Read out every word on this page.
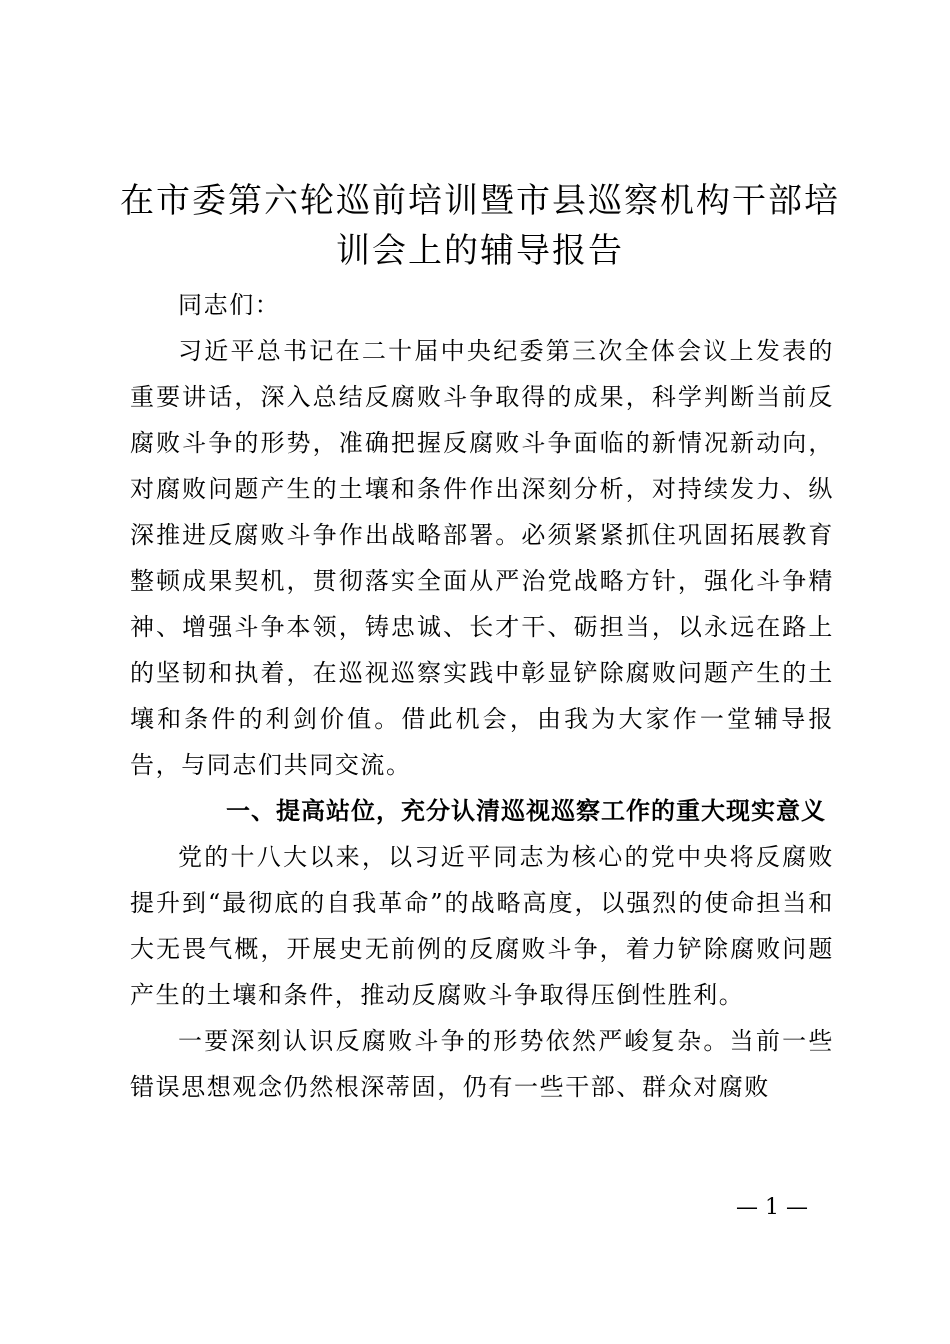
在市委第六轮巡前培训暨市县巡察机构干部培训会上的辅导报告

同志们：

习近平总书记在二十届中央纪委第三次全体会议上发表的重要讲话，深入总结反腐败斗争取得的成果，科学判断当前反腐败斗争的形势，准确把握反腐败斗争面临的新情况新动向，对腐败问题产生的土壤和条件作出深刻分析，对持续发力、纵深推进反腐败斗争作出战略部署。必须紧紧抓住巩固拓展教育整顿成果契机，贯彻落实全面从严治党战略方针，强化斗争精神、增强斗争本领，铸忠诚、长才干、砺担当，以永远在路上的坚韧和执着，在巡视巡察实践中彰显铲除腐败问题产生的土壤和条件的利剑价值。借此机会，由我为大家作一堂辅导报告，与同志们共同交流。

一、提高站位，充分认清巡视巡察工作的重大现实意义

党的十八大以来，以习近平同志为核心的党中央将反腐败提升到“最彻底的自我革命”的战略高度，以强烈的使命担当和大无畏气概，开展史无前例的反腐败斗争，着力铲除腐败问题产生的土壤和条件，推动反腐败斗争取得压倒性胜利。

一要深刻认识反腐败斗争的形势依然严峻复杂。当前一些错误思想观念仍然根深蒂固，仍有一些干部、群众对腐败

— 1 —
